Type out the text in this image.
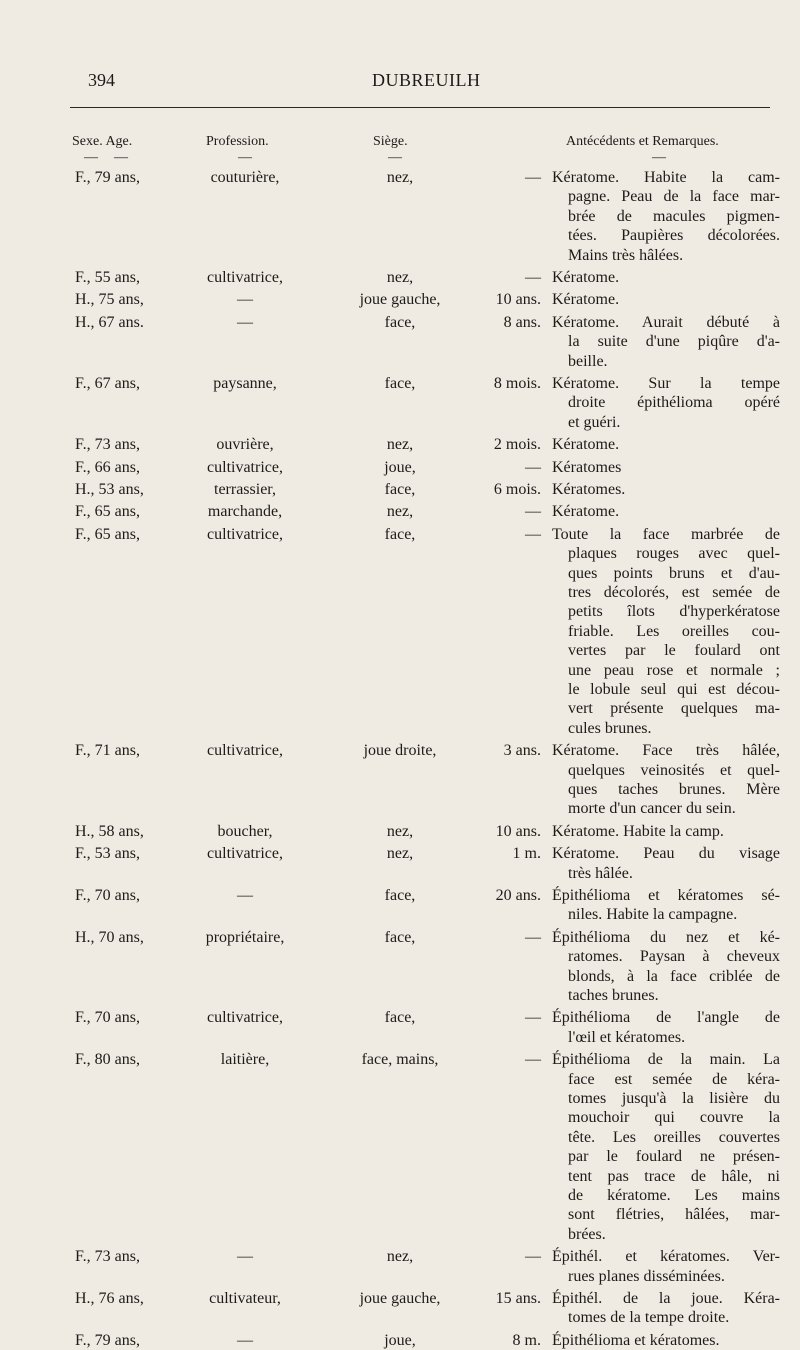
394	DUBREUILH
Sexe. Age.	Profession.	Siège.	Antécédents et Remarques.
— —	—	—	—
F., 79 ans,	couturière,	nez,	— Kératome. Habite la cam-
pagne. Peau de la face mar-
brée de macules pigmen-
tées. Paupières décolorées.
Mains très hâlées.
F., 55 ans,	cultivatrice,	nez,	— Kératome.
H., 75 ans,	—	joue gauche,	10 ans. Kératome.
H., 67 ans.	—	face,	8 ans. Kératome. Aurait débuté à
la suite d'une piqûre d'a-
beille.
F., 67 ans,	paysanne,	face,	8 mois. Kératome. Sur la tempe
droite épithélioma opéré
et guéri.
F., 73 ans,	ouvrière,	nez,	2 mois. Kératome.
F., 66 ans,	cultivatrice,	joue,	— Kératomes
H., 53 ans,	terrassier,	face,	6 mois. Kératomes.
F., 65 ans,	marchande,	nez,	— Kératome.
F., 65 ans,	cultivatrice,	face,	— Toute la face marbrée de
plaques rouges avec quel-
ques points bruns et d'au-
tres décolorés, est semée de
petits îlots d'hyperkératose
friable. Les oreilles cou-
vertes par le foulard ont
une peau rose et normale ;
le lobule seul qui est décou-
vert présente quelques ma-
cules brunes.
F., 71 ans,	cultivatrice,	joue droite,	3 ans. Kératome. Face très hâlée,
quelques veinosités et quel-
ques taches brunes. Mère
morte d'un cancer du sein.
H., 58 ans,	boucher,	nez,	10 ans. Kératome. Habite la camp.
F., 53 ans,	cultivatrice,	nez,	1 m. Kératome. Peau du visage
très hâlée.
F., 70 ans,	—	face,	20 ans. Épithélioma et kératomes sé-
niles. Habite la campagne.
H., 70 ans,	propriétaire,	face,	— Épithélioma du nez et ké-
ratomes. Paysan à cheveux
blonds, à la face criblée de
taches brunes.
F., 70 ans,	cultivatrice,	face,	— Épithélioma de l'angle de
l'œil et kératomes.
F., 80 ans,	laitière,	face, mains,	— Épithélioma de la main. La
face est semée de kéra-
tomes jusqu'à la lisière du
mouchoir qui couvre la
tête. Les oreilles couvertes
par le foulard ne présen-
tent pas trace de hâle, ni
de kératome. Les mains
sont flétries, hâlées, mar-
brées.
F., 73 ans,	—	nez,	— Épithél. et kératomes. Ver-
rues planes disséminées.
H., 76 ans,	cultivateur,	joue gauche,	15 ans. Épithél. de la joue. Kéra-
tomes de la tempe droite.
F., 79 ans,	—	joue,	8 m. Épithélioma et kératomes.
